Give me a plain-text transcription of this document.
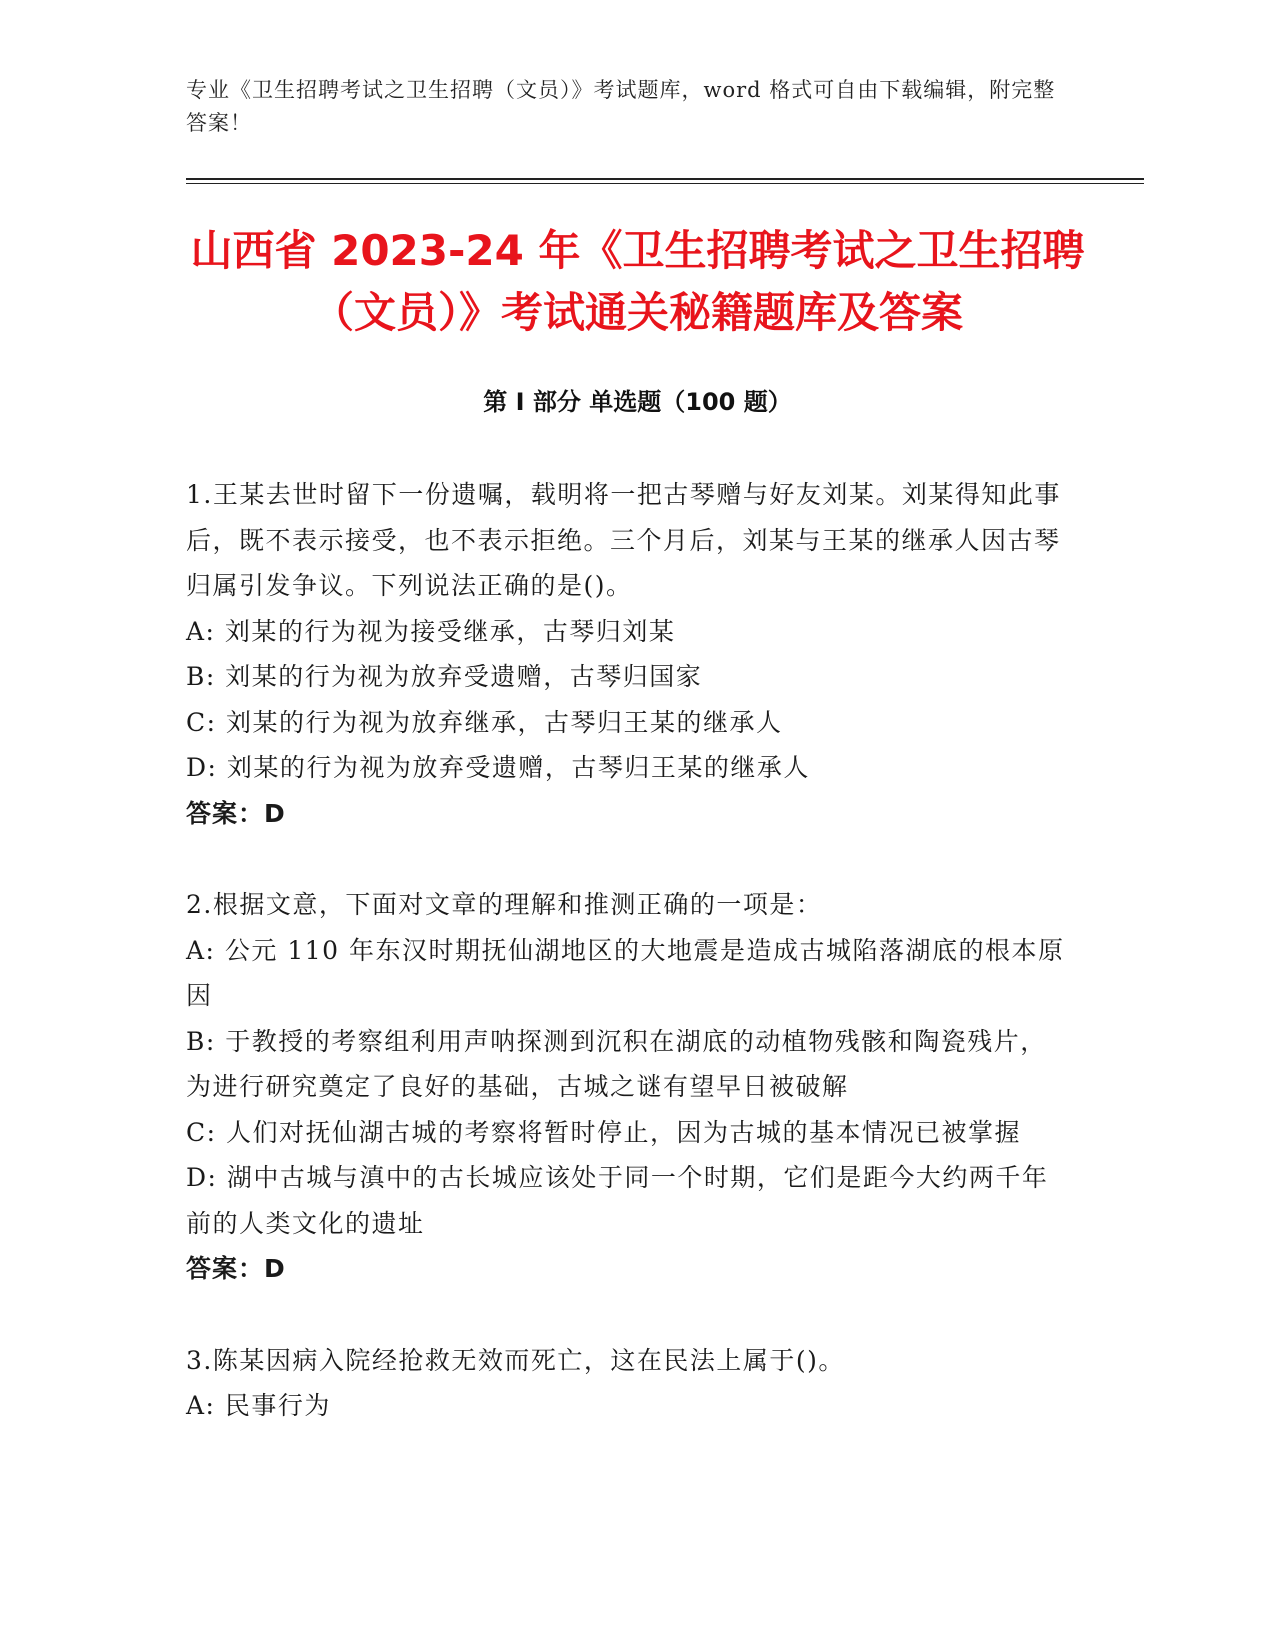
专业《卫生招聘考试之卫生招聘（文员）》考试题库，word 格式可自由下载编辑，附完整答案！
山西省 2023-24 年《卫生招聘考试之卫生招聘（文员）》考试通关秘籍题库及答案
第 I 部分 单选题（100 题）

1.王某去世时留下一份遗嘱，载明将一把古琴赠与好友刘某。刘某得知此事后，既不表示接受，也不表示拒绝。三个月后，刘某与王某的继承人因古琴归属引发争议。下列说法正确的是()。

A: 刘某的行为视为接受继承，古琴归刘某

B: 刘某的行为视为放弃受遗赠，古琴归国家

C: 刘某的行为视为放弃继承，古琴归王某的继承人

D: 刘某的行为视为放弃受遗赠，古琴归王某的继承人

答案：D

2.根据文意，下面对文章的理解和推测正确的一项是：

A: 公元 110 年东汉时期抚仙湖地区的大地震是造成古城陷落湖底的根本原因

B: 于教授的考察组利用声呐探测到沉积在湖底的动植物残骸和陶瓷残片，为进行研究奠定了良好的基础，古城之谜有望早日被破解

C: 人们对抚仙湖古城的考察将暂时停止，因为古城的基本情况已被掌握

D: 湖中古城与滇中的古长城应该处于同一个时期，它们是距今大约两千年前的人类文化的遗址

答案：D

3.陈某因病入院经抢救无效而死亡，这在民法上属于()。

A: 民事行为
